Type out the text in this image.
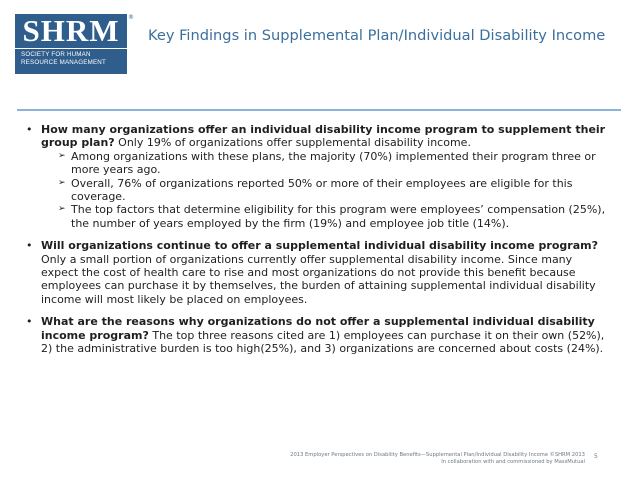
SHRM	®
SOCIETY FOR HUMAN
RESOURCE MANAGEMENT
Key Findings in Supplemental Plan/Individual Disability Income
• How many organizations offer an individual disability income program to supplement their group plan? Only 19% of organizations offer supplemental disability income.
➢ Among organizations with these plans, the majority (70%) implemented their program three or more years ago.
➢ Overall, 76% of organizations reported 50% or more of their employees are eligible for this coverage.
➢ The top factors that determine eligibility for this program were employees’ compensation (25%), the number of years employed by the firm (19%) and employee job title (14%).
• Will organizations continue to offer a supplemental individual disability income program? Only a small portion of organizations currently offer supplemental disability income. Since many expect the cost of health care to rise and most organizations do not provide this benefit because employees can purchase it by themselves, the burden of attaining supplemental individual disability income will most likely be placed on employees.
• What are the reasons why organizations do not offer a supplemental individual disability income program? The top three reasons cited are 1) employees can purchase it on their own (52%), 2) the administrative burden is too high(25%), and 3) organizations are concerned about costs (24%).
2013 Employer Perspectives on Disability Benefits—Supplemental Plan/Individual Disability Income ©SHRM 2013
In collaboration with and commissioned by MassMutual
5
